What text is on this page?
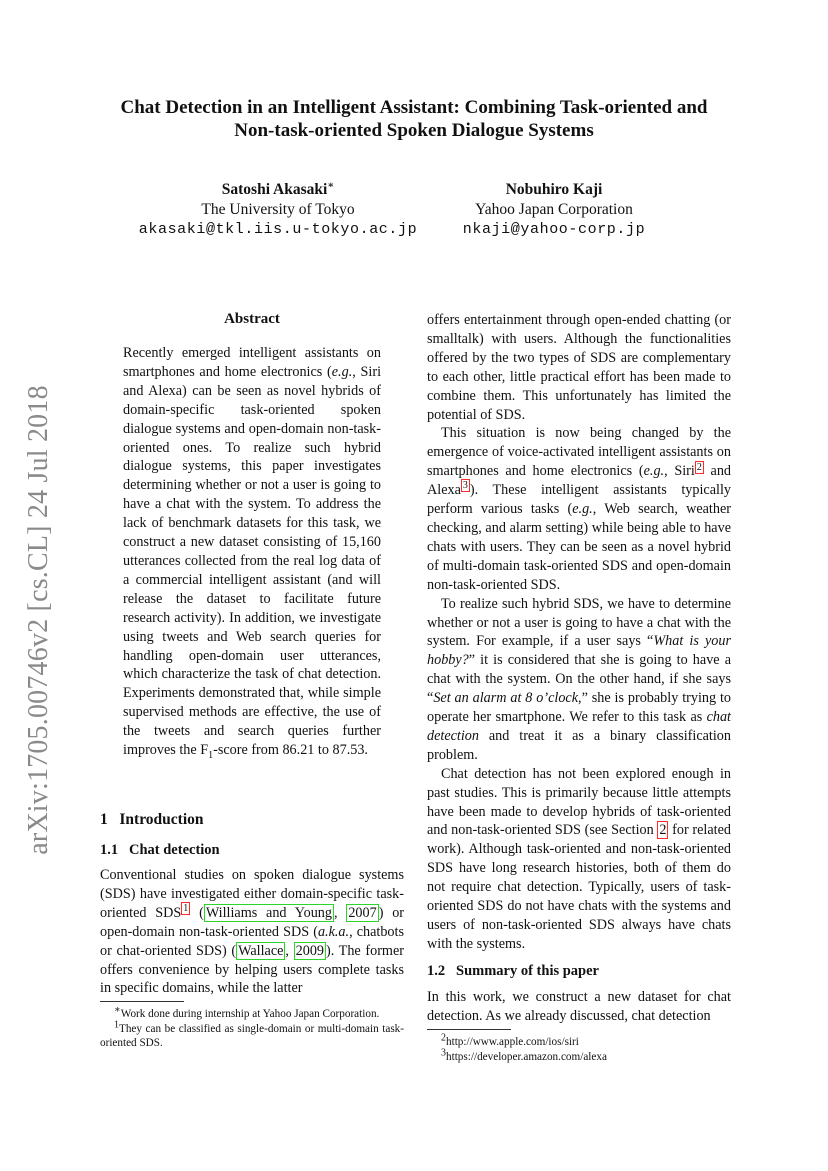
arXiv:1705.00746v2 [cs.CL] 24 Jul 2018
Chat Detection in an Intelligent Assistant: Combining Task-oriented and
Non-task-oriented Spoken Dialogue Systems
Satoshi Akasaki∗
The University of Tokyo
akasaki@tkl.iis.u-tokyo.ac.jp
Nobuhiro Kaji
Yahoo Japan Corporation
nkaji@yahoo-corp.jp
Abstract

Recently emerged intelligent assistants on smartphones and home electronics (e.g., Siri and Alexa) can be seen as novel hybrids of domain-specific task-oriented spoken dialogue systems and open-domain non-task-oriented ones. To realize such hybrid dialogue systems, this paper investigates determining whether or not a user is going to have a chat with the system. To address the lack of benchmark datasets for this task, we construct a new dataset consisting of 15,160 utterances collected from the real log data of a commercial intelligent assistant (and will release the dataset to facilitate future research activity). In addition, we investigate using tweets and Web search queries for handling open-domain user utterances, which characterize the task of chat detection. Experiments demonstrated that, while simple supervised methods are effective, the use of the tweets and search queries further improves the $F_1$-score from 86.21 to 87.53.

1 Introduction
1.1 Chat detection

Conventional studies on spoken dialogue systems (SDS) have investigated either domain-specific task-oriented SDS $^1$ ( Williams and Young , 2007 ) or open-domain non-task-oriented SDS (a.k.a., chatbots or chat-oriented SDS) ( Wallace , 2009 ). The former offers convenience by helping users complete tasks in specific domains, while the latter

∗Work done during internship at Yahoo Japan Corporation.
1They can be classified as single-domain or multi-domain task-oriented SDS.

offers entertainment through open-ended chatting (or smalltalk) with users. Although the functionalities offered by the two types of SDS are complementary to each other, little practical effort has been made to combine them. This unfortunately has limited the potential of SDS.

This situation is now being changed by the emergence of voice-activated intelligent assistants on smartphones and home electronics (e.g., Siri $^2$ and Alexa $^3$ ). These intelligent assistants typically perform various tasks (e.g., Web search, weather checking, and alarm setting) while being able to have chats with users. They can be seen as a novel hybrid of multi-domain task-oriented SDS and open-domain non-task-oriented SDS.

To realize such hybrid SDS, we have to determine whether or not a user is going to have a chat with the system. For example, if a user says “What is your hobby?” it is considered that she is going to have a chat with the system. On the other hand, if she says “Set an alarm at 8 o’clock,” she is probably trying to operate her smartphone. We refer to this task as chat detection and treat it as a binary classification problem.

Chat detection has not been explored enough in past studies. This is primarily because little attempts have been made to develop hybrids of task-oriented and non-task-oriented SDS (see Section 2 for related work). Although task-oriented and non-task-oriented SDS have long research histories, both of them do not require chat detection. Typically, users of task-oriented SDS do not have chats with the systems and users of non-task-oriented SDS always have chats with the systems.

1.2 Summary of this paper

In this work, we construct a new dataset for chat detection. As we already discussed, chat detection

2http://www.apple.com/ios/siri
3https://developer.amazon.com/alexa
